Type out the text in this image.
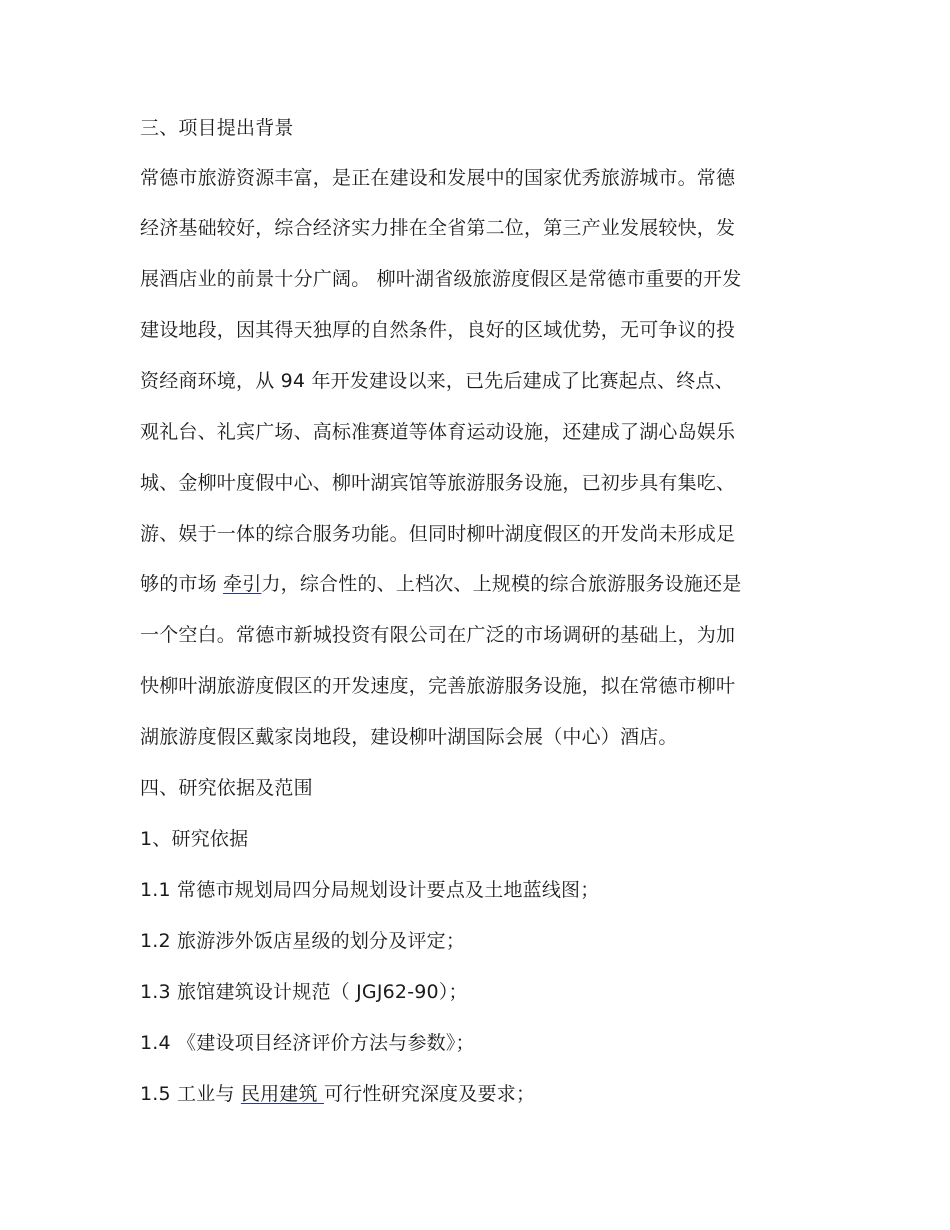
三、项目提出背景
常德市旅游资源丰富，是正在建设和发展中的国家优秀旅游城市。常德
经济基础较好，综合经济实力排在全省第二位，第三产业发展较快，发
展酒店业的前景十分广阔。 柳叶湖省级旅游度假区是常德市重要的开发
建设地段，因其得天独厚的自然条件，良好的区域优势，无可争议的投
资经商环境，从 94 年开发建设以来，已先后建成了比赛起点、终点、
观礼台、礼宾广场、高标准赛道等体育运动设施，还建成了湖心岛娱乐
城、金柳叶度假中心、柳叶湖宾馆等旅游服务设施，已初步具有集吃、
游、娱于一体的综合服务功能。但同时柳叶湖度假区的开发尚未形成足
够的市场 牵引力，综合性的、上档次、上规模的综合旅游服务设施还是
一个空白。常德市新城投资有限公司在广泛的市场调研的基础上，为加
快柳叶湖旅游度假区的开发速度，完善旅游服务设施，拟在常德市柳叶
湖旅游度假区戴家岗地段，建设柳叶湖国际会展（中心）酒店。
四、研究依据及范围
1、研究依据
1.1 常德市规划局四分局规划设计要点及土地蓝线图；
1.2 旅游涉外饭店星级的划分及评定；
1.3 旅馆建筑设计规范（ JGJ62-90）；
1.4 《建设项目经济评价方法与参数》；
1.5 工业与 民用建筑 可行性研究深度及要求；
